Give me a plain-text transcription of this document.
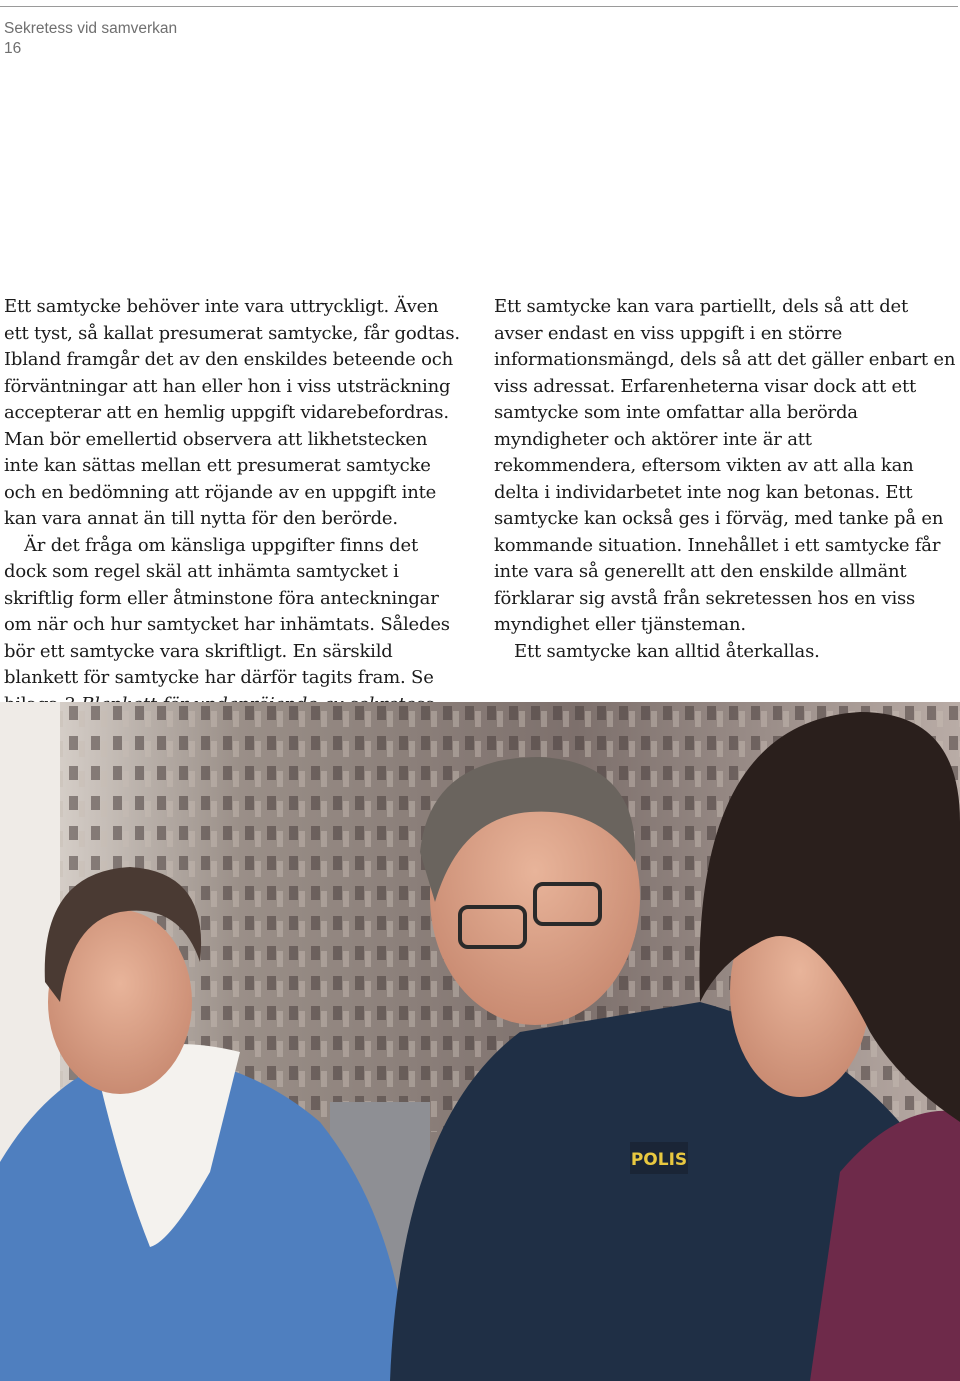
Sekretess vid samverkan
16

Ett samtycke behöver inte vara uttryckligt. Även ett tyst, så kallat presumerat samtycke, får godtas. Ibland framgår det av den enskildes beteende och förväntningar att han eller hon i viss utsträckning accepterar att en hemlig uppgift vidarebefordras. Man bör emellertid observera att likhetstecken inte kan sättas mellan ett presumerat samtycke och en bedömning att röjande av en uppgift inte kan vara annat än till nytta för den berörde.

Är det fråga om känsliga uppgifter finns det dock som regel skäl att inhämta samtycket i skriftlig form eller åtminstone föra anteckningar om när och hur samtycket har inhämtats. Således bör ett samtycke vara skriftligt. En särskild blankett för samtycke har därför tagits fram. Se

Ett samtycke kan vara partiellt, dels så att det avser endast en viss uppgift i en större informationsmängd, dels så att det gäller enbart en viss adressat. Erfarenheterna visar dock att ett samtycke som inte omfattar alla berörda myndigheter och aktörer inte är att rekommendera, eftersom vikten av att alla kan delta i individarbetet inte nog kan betonas. Ett samtycke kan också ges i förväg, med tanke på en kommande situation. Innehållet i ett samtycke får inte vara så generellt att den enskilde allmänt förklarar sig avstå från sekretessen hos en viss myndighet eller tjänsteman.

Ett samtycke kan alltid återkallas.

POLIS
